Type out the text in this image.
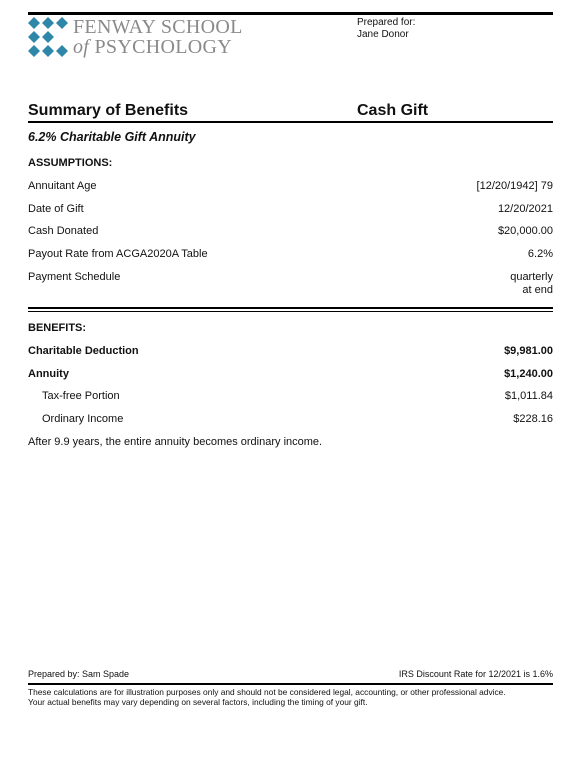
FENWAY SCHOOL
of PSYCHOLOGY
Prepared for:
Jane Donor
Summary of Benefits	Cash Gift
6.2% Charitable Gift Annuity
ASSUMPTIONS:
Annuitant Age	[12/20/1942] 79
Date of Gift	12/20/2021
Cash Donated	$20,000.00
Payout Rate from ACGA2020A Table	6.2%
Payment Schedule	quarterly
at end
BENEFITS:
Charitable Deduction	$9,981.00
Annuity	$1,240.00
Tax-free Portion	$1,011.84
Ordinary Income	$228.16
After 9.9 years, the entire annuity becomes ordinary income.
Prepared by: Sam Spade	IRS Discount Rate for 12/2021 is 1.6%
These calculations are for illustration purposes only and should not be considered legal, accounting, or other professional advice.
Your actual benefits may vary depending on several factors, including the timing of your gift.
